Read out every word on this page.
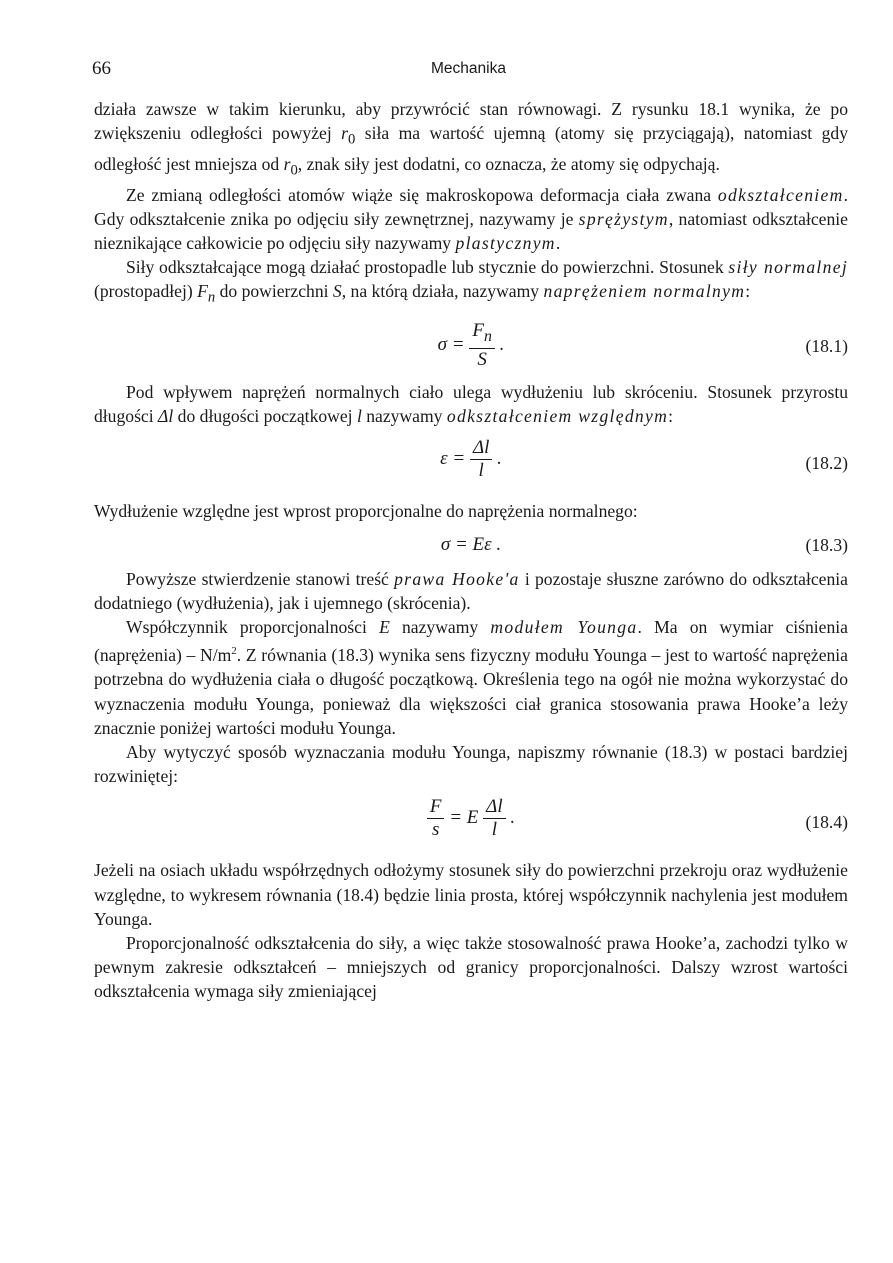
66	Mechanika

działa zawsze w takim kierunku, aby przywrócić stan równowagi. Z rysunku 18.1 wynika, że po zwiększeniu odległości powyżej $r_0$ siła ma wartość ujemną (atomy się przyciągają), natomiast gdy odległość jest mniejsza od $r_0$, znak siły jest dodatni, co oznacza, że atomy się odpychają.

Ze zmianą odległości atomów wiąże się makroskopowa deformacja ciała zwana odkształceniem. Gdy odkształcenie znika po odjęciu siły zewnętrznej, nazywamy je sprężystym, natomiast odkształcenie nieznikające całkowicie po odjęciu siły nazywamy plastycznym.

Siły odkształcające mogą działać prostopadle lub stycznie do powierzchni. Stosunek siły normalnej (prostopadłej) $F_n$ do powierzchni S, na którą działa, nazywamy naprężeniem normalnym:

$\sigma = \frac{F_n}{S}$ .	(18.1)

Pod wpływem naprężeń normalnych ciało ulega wydłużeniu lub skróceniu. Stosunek przyrostu długości Δl do długości początkowej l nazywamy odkształceniem względnym:

$\varepsilon = \frac{\Delta l}{l}$ .	(18.2)

Wydłużenie względne jest wprost proporcjonalne do naprężenia normalnego:

σ = Eε .	(18.3)

Powyższe stwierdzenie stanowi treść prawa Hooke'a i pozostaje słuszne zarówno do odkształcenia dodatniego (wydłużenia), jak i ujemnego (skrócenia).

Współczynnik proporcjonalności E nazywamy modułem Younga. Ma on wymiar ciśnienia (naprężenia) – $N/m^2$. Z równania (18.3) wynika sens fizyczny modułu Younga – jest to wartość naprężenia potrzebna do wydłużenia ciała o długość początkową. Określenia tego na ogół nie można wykorzystać do wyznaczenia modułu Younga, ponieważ dla większości ciał granica stosowania prawa Hooke’a leży znacznie poniżej wartości modułu Younga.

Aby wytyczyć sposób wyznaczania modułu Younga, napiszmy równanie (18.3) w postaci bardziej rozwiniętej:

$\frac{F}{s} = E \frac{\Delta l}{l}$ .	(18.4)

Jeżeli na osiach układu współrzędnych odłożymy stosunek siły do powierzchni przekroju oraz wydłużenie względne, to wykresem równania (18.4) będzie linia prosta, której współczynnik nachylenia jest modułem Younga.

Proporcjonalność odkształcenia do siły, a więc także stosowalność prawa Hooke’a, zachodzi tylko w pewnym zakresie odkształceń – mniejszych od granicy proporcjonalności. Dalszy wzrost wartości odkształcenia wymaga siły zmieniającej
